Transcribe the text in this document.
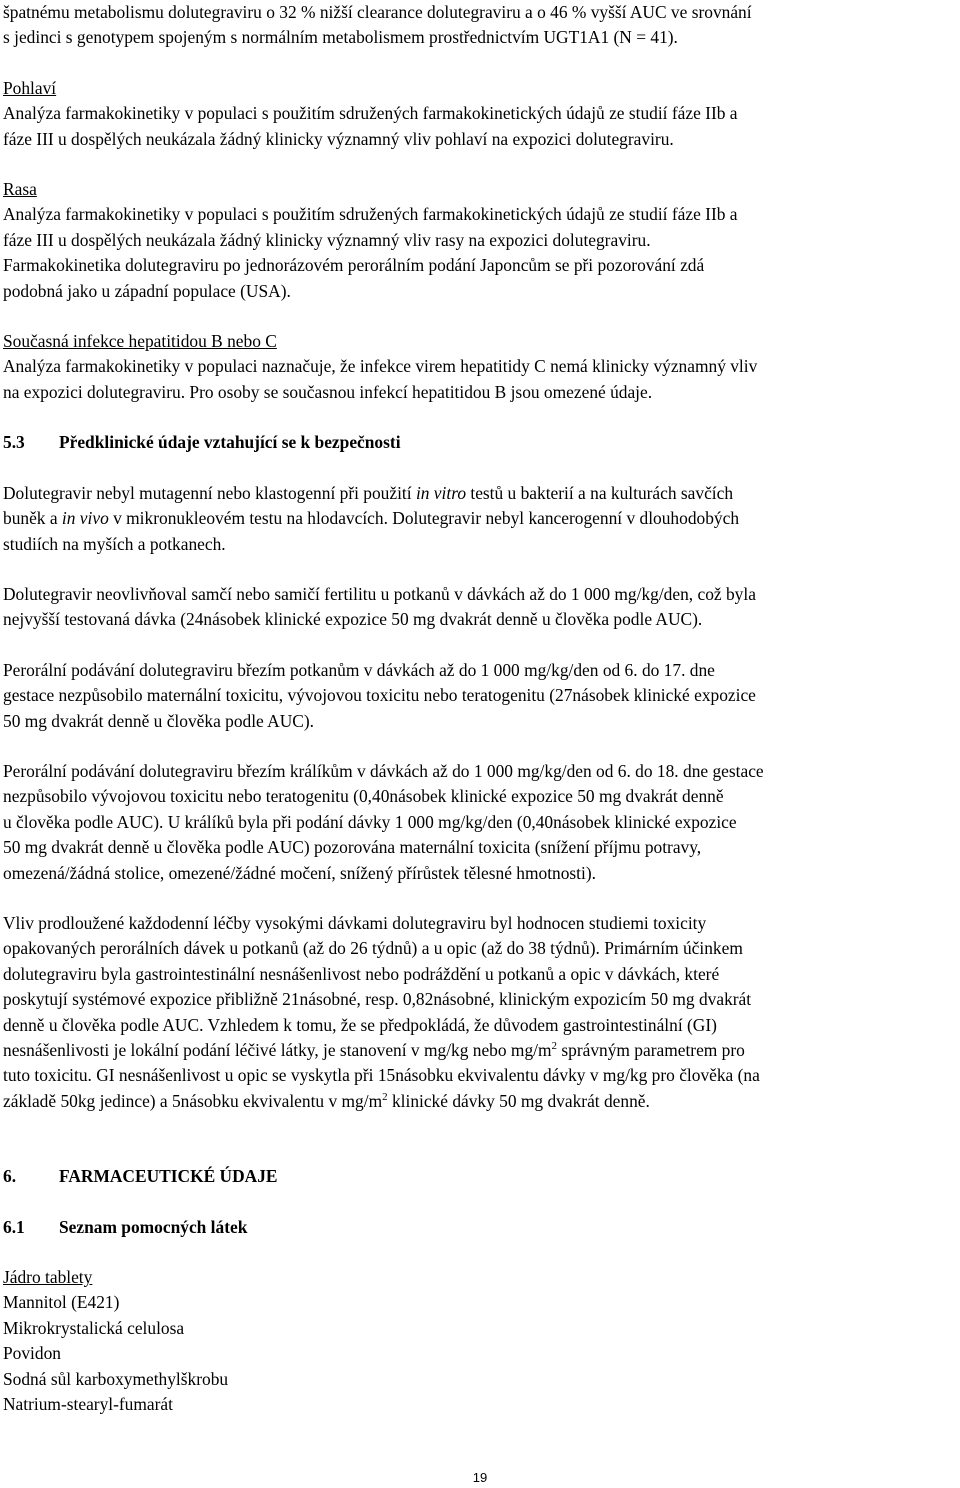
špatnému metabolismu dolutegraviru o 32 % nižší clearance dolutegraviru a o 46 % vyšší AUC ve srovnání
s jedinci s genotypem spojeným s normálním metabolismem prostřednictvím UGT1A1 (N = 41).

Pohlaví
Analýza farmakokinetiky v populaci s použitím sdružených farmakokinetických údajů ze studií fáze IIb a
fáze III u dospělých neukázala žádný klinicky významný vliv pohlaví na expozici dolutegraviru.

Rasa
Analýza farmakokinetiky v populaci s použitím sdružených farmakokinetických údajů ze studií fáze IIb a
fáze III u dospělých neukázala žádný klinicky významný vliv rasy na expozici dolutegraviru.
Farmakokinetika dolutegraviru po jednorázovém perorálním podání Japoncům se při pozorování zdá
podobná jako u západní populace (USA).

Současná infekce hepatitidou B nebo C
Analýza farmakokinetiky v populaci naznačuje, že infekce virem hepatitidy C nemá klinicky významný vliv
na expozici dolutegraviru. Pro osoby se současnou infekcí hepatitidou B jsou omezené údaje.

5.3	Předklinické údaje vztahující se k bezpečnosti

Dolutegravir nebyl mutagenní nebo klastogenní při použití in vitro testů u bakterií a na kulturách savčích
buněk a in vivo v mikronukleovém testu na hlodavcích. Dolutegravir nebyl kancerogenní v dlouhodobých
studiích na myších a potkanech.

Dolutegravir neovlivňoval samčí nebo samičí fertilitu u potkanů v dávkách až do 1 000 mg/kg/den, což byla
nejvyšší testovaná dávka (24násobek klinické expozice 50 mg dvakrát denně u člověka podle AUC).

Perorální podávání dolutegraviru březím potkanům v dávkách až do 1 000 mg/kg/den od 6. do 17. dne
gestace nezpůsobilo maternální toxicitu, vývojovou toxicitu nebo teratogenitu (27násobek klinické expozice
50 mg dvakrát denně u člověka podle AUC).

Perorální podávání dolutegraviru březím králíkům v dávkách až do 1 000 mg/kg/den od 6. do 18. dne gestace
nezpůsobilo vývojovou toxicitu nebo teratogenitu (0,40násobek klinické expozice 50 mg dvakrát denně
u člověka podle AUC). U králíků byla při podání dávky 1 000 mg/kg/den (0,40násobek klinické expozice
50 mg dvakrát denně u člověka podle AUC) pozorována maternální toxicita (snížení příjmu potravy,
omezená/žádná stolice, omezené/žádné močení, snížený přírůstek tělesné hmotnosti).

Vliv prodloužené každodenní léčby vysokými dávkami dolutegraviru byl hodnocen studiemi toxicity
opakovaných perorálních dávek u potkanů (až do 26 týdnů) a u opic (až do 38 týdnů). Primárním účinkem
dolutegraviru byla gastrointestinální nesnášenlivost nebo podráždění u potkanů a opic v dávkách, které
poskytují systémové expozice přibližně 21násobné, resp. 0,82násobné, klinickým expozicím 50 mg dvakrát
denně u člověka podle AUC. Vzhledem k tomu, že se předpokládá, že důvodem gastrointestinální (GI)
nesnášenlivosti je lokální podání léčivé látky, je stanovení v mg/kg nebo $mg/m^2$ správným parametrem pro
tuto toxicitu. GI nesnášenlivost u opic se vyskytla při 15násobku ekvivalentu dávky v mg/kg pro člověka (na
základě 50kg jedince) a 5násobku ekvivalentu v $mg/m^2$ klinické dávky 50 mg dvakrát denně.

6.	FARMACEUTICKÉ ÚDAJE

6.1	Seznam pomocných látek

Jádro tablety
Mannitol (E421)
Mikrokrystalická celulosa
Povidon
Sodná sůl karboxymethylškrobu
Natrium-stearyl-fumarát

19
